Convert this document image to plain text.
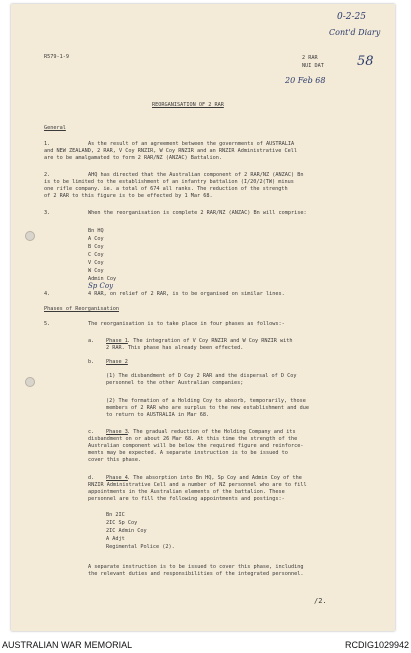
0-2-25
Cont'd Diary
58
20 Feb 68
R579-1-9	2 RAR
NUI DAT
REORGANISATION OF 2 RAR
General
1.	As the result of an agreement between the governments of AUSTRALIA
and NEW ZEALAND, 2 RAR, V Coy RNZIR, W Coy RNZIR and an RNZIR Administrative Cell
are to be amalgamated to form 2 RAR/NZ (ANZAC) Battalion.
2.	AHQ has directed that the Australian component of 2 RAR/NZ (ANZAC) Bn
is to be limited to the establishment of an infantry battalion (I/20/2(TW) minus
one rifle company. ie. a total of 674 all ranks. The reduction of the strength
of 2 RAR to this figure is to be effected by 1 Mar 68.
3.	When the reorganisation is complete 2 RAR/NZ (ANZAC) Bn will comprise:
Bn HQ
A Coy
B Coy
C Coy
V Coy
W Coy
Admin Coy
Sp Coy
4.	4 RAR, on relief of 2 RAR, is to be organised on similar lines.
Phases of Reorganisation
5.	The reorganisation is to take place in four phases as follows:-
a. Phase 1 . The integration of V Coy RNZIR and W Coy RNZIR with
2 RAR. This phase has already been effected.
b. Phase 2
(1) The disbandment of D Coy 2 RAR and the dispersal of D Coy
personnel to the other Australian companies;
(2) The formation of a Holding Coy to absorb, temporarily, those
members of 2 RAR who are surplus to the new establishment and due
to return to AUSTRALIA in Mar 68.
c. Phase 3 . The gradual reduction of the Holding Company and its
disbandment on or about 26 Mar 68. At this time the strength of the
Australian component will be below the required figure and reinforce-
ments may be expected. A separate instruction is to be issued to
cover this phase.
d. Phase 4 . The absorption into Bn HQ, Sp Coy and Admin Coy of the
RNZIR Administrative Cell and a number of NZ personnel who are to fill
appointments in the Australian elements of the battalion. These
personnel are to fill the following appointments and postings:-
Bn 2IC
2IC Sp Coy
2IC Admin Coy
A Adjt
Regimental Police (2).
A separate instruction is to be issued to cover this phase, including
the relevant duties and responsibilities of the integrated personnel.
/2.
AUSTRALIAN WAR MEMORIAL	RCDIG1029942
